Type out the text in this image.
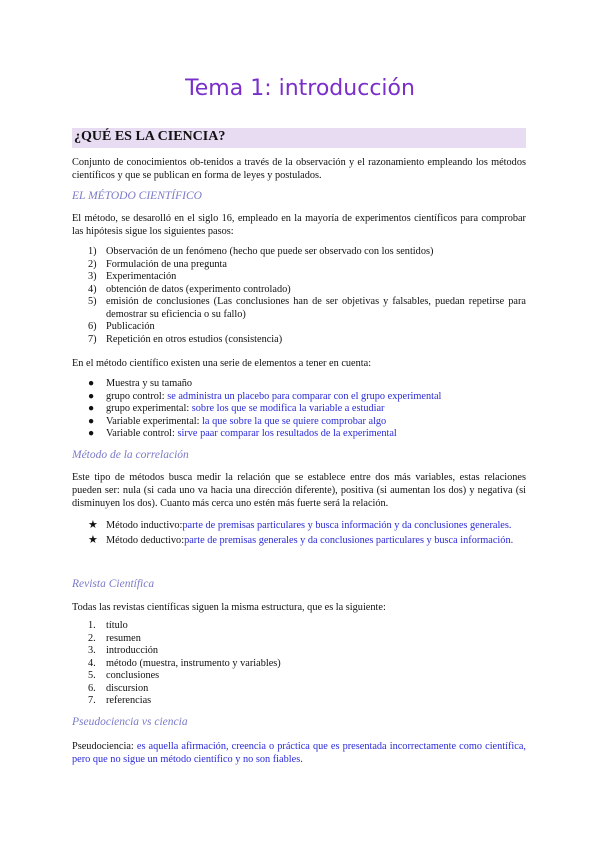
Tema 1: introducción
¿QUÉ ES LA CIENCIA?
Conjunto de conocimientos ob-tenidos a través de la observación y el razonamiento empleando los métodos científicos y que se publican en forma de leyes y postulados.
EL MÉTODO CIENTÍFICO
El método, se desarolló en el siglo 16, empleado en la mayoría de experimentos científicos para comprobar las hipótesis sigue los siguientes pasos:
1) Observación de un fenómeno (hecho que puede ser observado con los sentidos)
2) Formulación de una pregunta
3) Experimentación
4) obtención de datos (experimento controlado)
5) emisión de conclusiones (Las conclusiones han de ser objetivas y falsables, puedan repetirse para demostrar su eficiencia o su fallo)
6) Publicación
7) Repetición en otros estudios (consistencia)
En el método científico existen una serie de elementos a tener en cuenta:
● Muestra y su tamaño
● grupo control: se administra un placebo para comparar con el grupo experimental
● grupo experimental: sobre los que se modifica la variable a estudiar
● Variable experimental: la que sobre la que se quiere comprobar algo
● Variable control: sirve paar comparar los resultados de la experimental
Método de la correlación
Este tipo de métodos busca medir la relación que se establece entre dos más variables, estas relaciones pueden ser: nula (si cada uno va hacia una dirección diferente), positiva (si aumentan los dos) y negativa (si disminuyen los dos). Cuanto más cerca uno estén más fuerte será la relación.
★ Método inductivo:parte de premisas particulares y busca información y da conclusiones generales.
★ Método deductivo:parte de premisas generales y da conclusiones particulares y busca información.
Revista Científica
Todas las revistas científicas siguen la misma estructura, que es la siguiente:
1. título
2. resumen
3. introducción
4. método (muestra, instrumento y variables)
5. conclusiones
6. discursion
7. referencias
Pseudociencia vs ciencia
Pseudociencia: es aquella afirmación, creencia o práctica que es presentada incorrectamente como científica, pero que no sigue un método científico y no son fiables.
